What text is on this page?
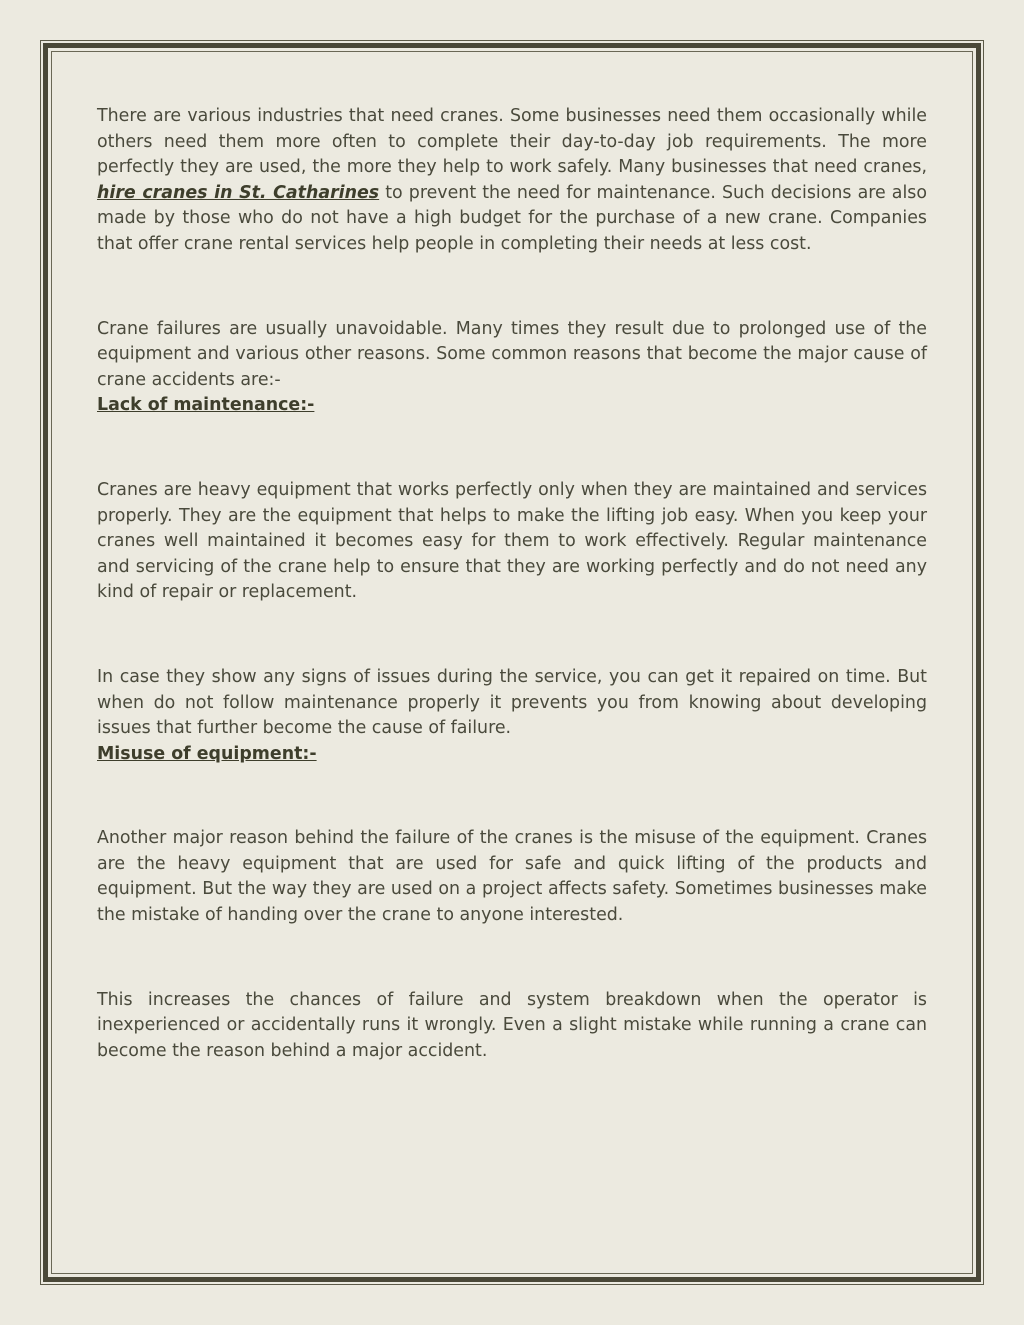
There are various industries that need cranes. Some businesses need them occasionally while others need them more often to complete their day-to-day job requirements. The more perfectly they are used, the more they help to work safely. Many businesses that need cranes, hire cranes in St. Catharines to prevent the need for maintenance. Such decisions are also made by those who do not have a high budget for the purchase of a new crane. Companies that offer crane rental services help people in completing their needs at less cost.

Crane failures are usually unavoidable. Many times they result due to prolonged use of the equipment and various other reasons. Some common reasons that become the major cause of crane accidents are:-

Lack of maintenance:-

Cranes are heavy equipment that works perfectly only when they are maintained and services properly. They are the equipment that helps to make the lifting job easy. When you keep your cranes well maintained it becomes easy for them to work effectively. Regular maintenance and servicing of the crane help to ensure that they are working perfectly and do not need any kind of repair or replacement.

In case they show any signs of issues during the service, you can get it repaired on time. But when do not follow maintenance properly it prevents you from knowing about developing issues that further become the cause of failure.

Misuse of equipment:-

Another major reason behind the failure of the cranes is the misuse of the equipment. Cranes are the heavy equipment that are used for safe and quick lifting of the products and equipment. But the way they are used on a project affects safety. Sometimes businesses make the mistake of handing over the crane to anyone interested.

This increases the chances of failure and system breakdown when the operator is inexperienced or accidentally runs it wrongly. Even a slight mistake while running a crane can become the reason behind a major accident.
